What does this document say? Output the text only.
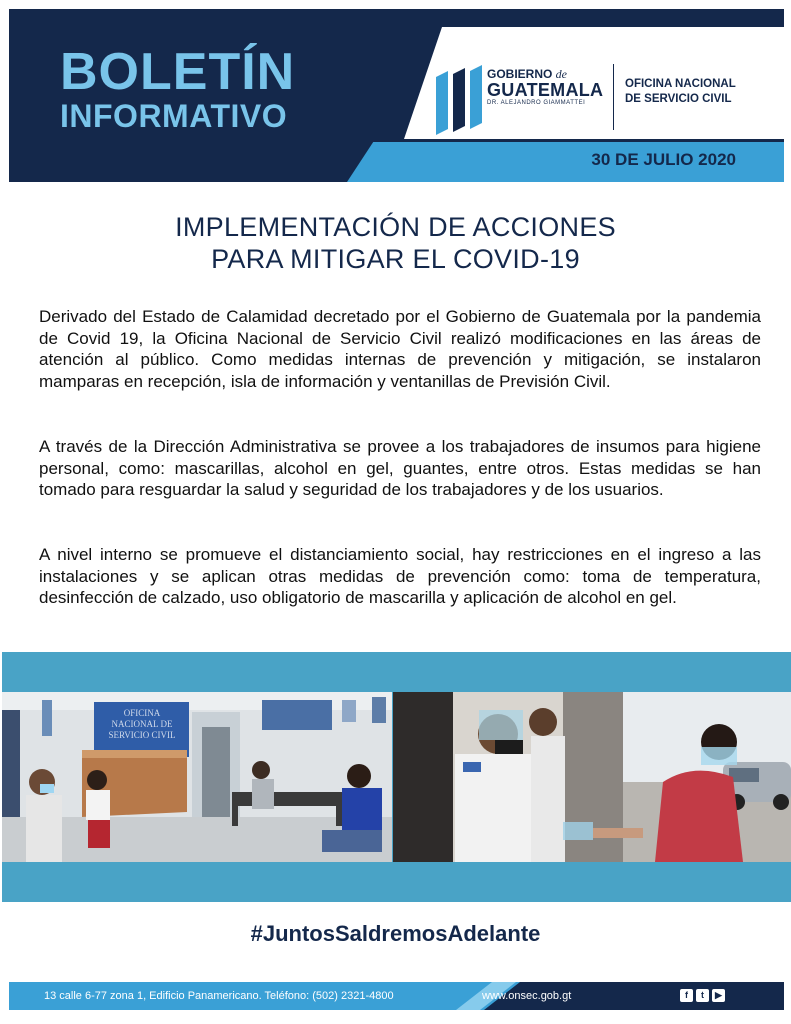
BOLETÍN
INFORMATIVO
GOBIERNO de
GUATEMALA
DR. ALEJANDRO GIAMMATTEI
OFICINA NACIONAL
DE SERVICIO CIVIL
30 DE JULIO 2020
IMPLEMENTACIÓN DE ACCIONES
PARA MITIGAR EL COVID-19

Derivado del Estado de Calamidad decretado por el Gobierno de Guatemala por la pandemia de Covid 19, la Oficina Nacional de Servicio Civil realizó modificaciones en las áreas de atención al público. Como medidas internas de prevención y mitigación, se instalaron mamparas en recepción, isla de información y ventanillas de Previsión Civil.

A través de la Dirección Administrativa se provee a los trabajadores de insumos para higiene personal, como: mascarillas, alcohol en gel, guantes, entre otros. Estas medidas se han tomado para resguardar la salud y seguridad de los trabajadores y de los usuarios.

A nivel interno se promueve el distanciamiento social, hay restricciones en el ingreso a las instalaciones y se aplican otras medidas de prevención como: toma de temperatura, desinfección de calzado, uso obligatorio de mascarilla y aplicación de alcohol en gel.

OFICINA
NACIONAL DE
SERVICIO CIVIL
#JuntosSaldremosAdelante
13 calle 6-77 zona 1, Edificio Panamericano. Teléfono: (502) 2321-4800	www.onsec.gob.gt	f	t	▶
